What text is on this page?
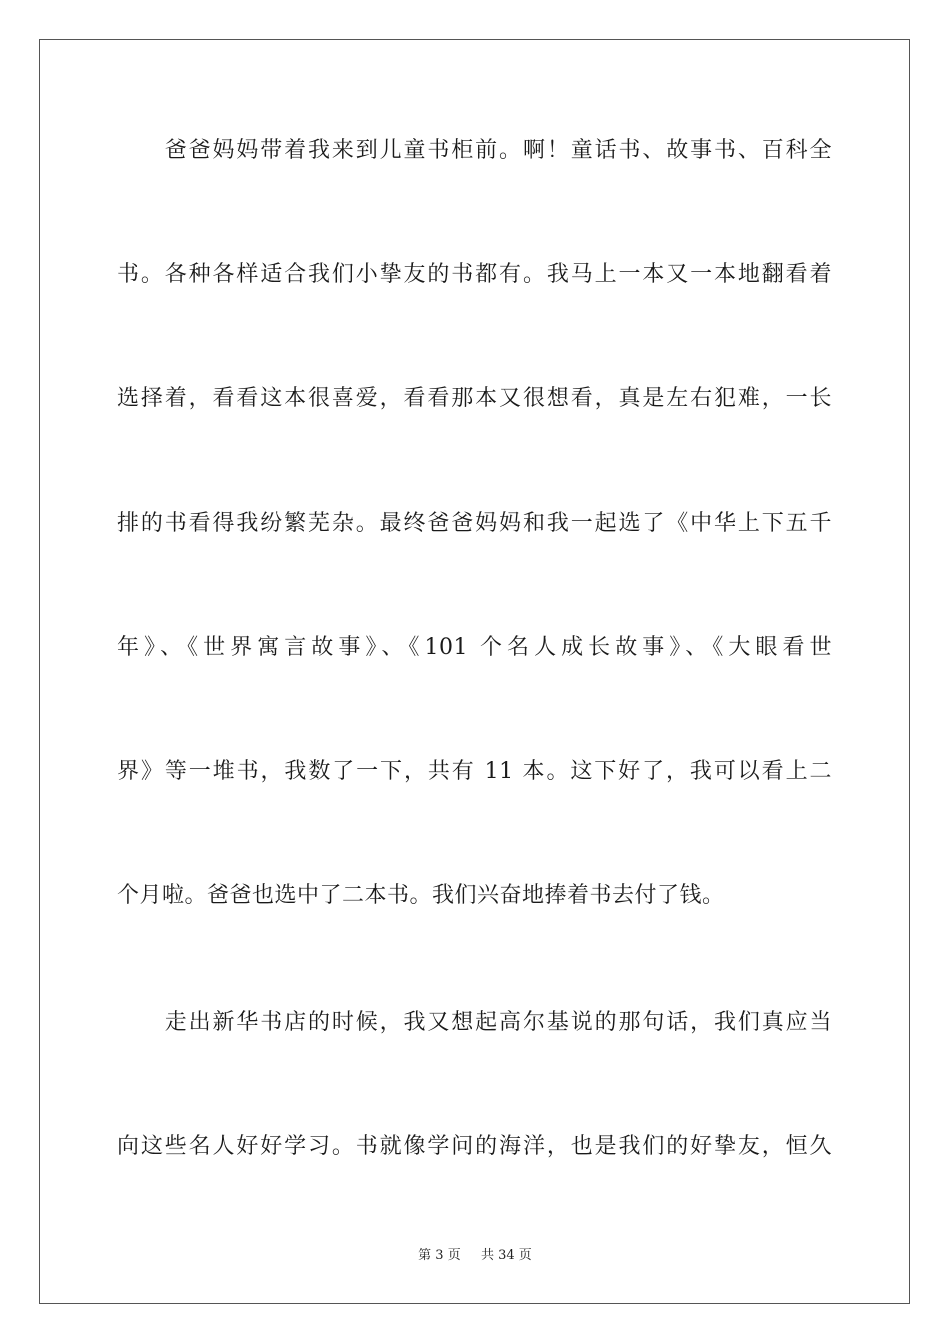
　　爸爸妈妈带着我来到儿童书柜前。啊！童话书、故事书、百科全
书。各种各样适合我们小挚友的书都有。我马上一本又一本地翻看着
选择着，看看这本很喜爱，看看那本又很想看，真是左右犯难，一长
排的书看得我纷繁芜杂。最终爸爸妈妈和我一起选了《中华上下五千
年》、《世界寓言故事》、《101 个名人成长故事》、《大眼看世
界》等一堆书，我数了一下，共有 11 本。这下好了，我可以看上二
个月啦。爸爸也选中了二本书。我们兴奋地捧着书去付了钱。
　　走出新华书店的时候，我又想起高尔基说的那句话，我们真应当
向这些名人好好学习。书就像学问的海洋，也是我们的好挚友，恒久
第 3 页 共 34 页
